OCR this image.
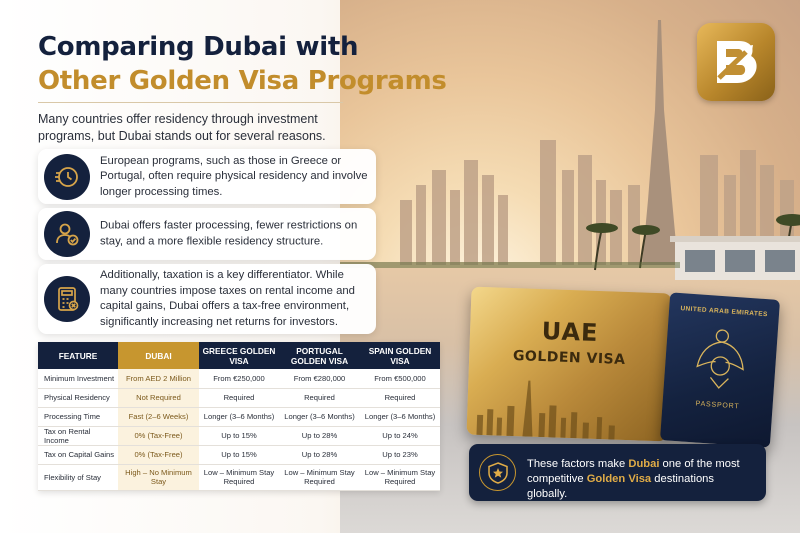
Comparing Dubai with
Other Golden Visa Programs

Many countries offer residency through investment programs, but Dubai stands out for several reasons.

European programs, such as those in Greece or Portugal, often require physical residency and involve longer processing times.

Dubai offers faster processing, fewer restrictions on stay, and a more flexible residency structure.

Additionally, taxation is a key differentiator. While many countries impose taxes on rental income and capital gains, Dubai offers a tax-free environment, significantly increasing net returns for investors.

FEATURE	DUBAI	GREECE GOLDEN VISA	PORTUGAL GOLDEN VISA	SPAIN GOLDEN VISA
Minimum Investment	From AED 2 Million	From €250,000	From €280,000	From €500,000
Physical Residency	Not Required	Required	Required	Required
Processing Time	Fast (2–6 Weeks)	Longer (3–6 Months)	Longer (3–6 Months)	Longer (3–6 Months)
Tax on Rental Income	0% (Tax-Free)	Up to 15%	Up to 28%	Up to 24%
Tax on Capital Gains	0% (Tax-Free)	Up to 15%	Up to 28%	Up to 23%
Flexibility of Stay	High – No Minimum Stay	Low – Minimum Stay Required	Low – Minimum Stay Required	Low – Minimum Stay Required
UAE
GOLDEN VISA
UNITED ARAB EMIRATES
PASSPORT

These factors make Dubai one of the most competitive Golden Visa destinations globally.
